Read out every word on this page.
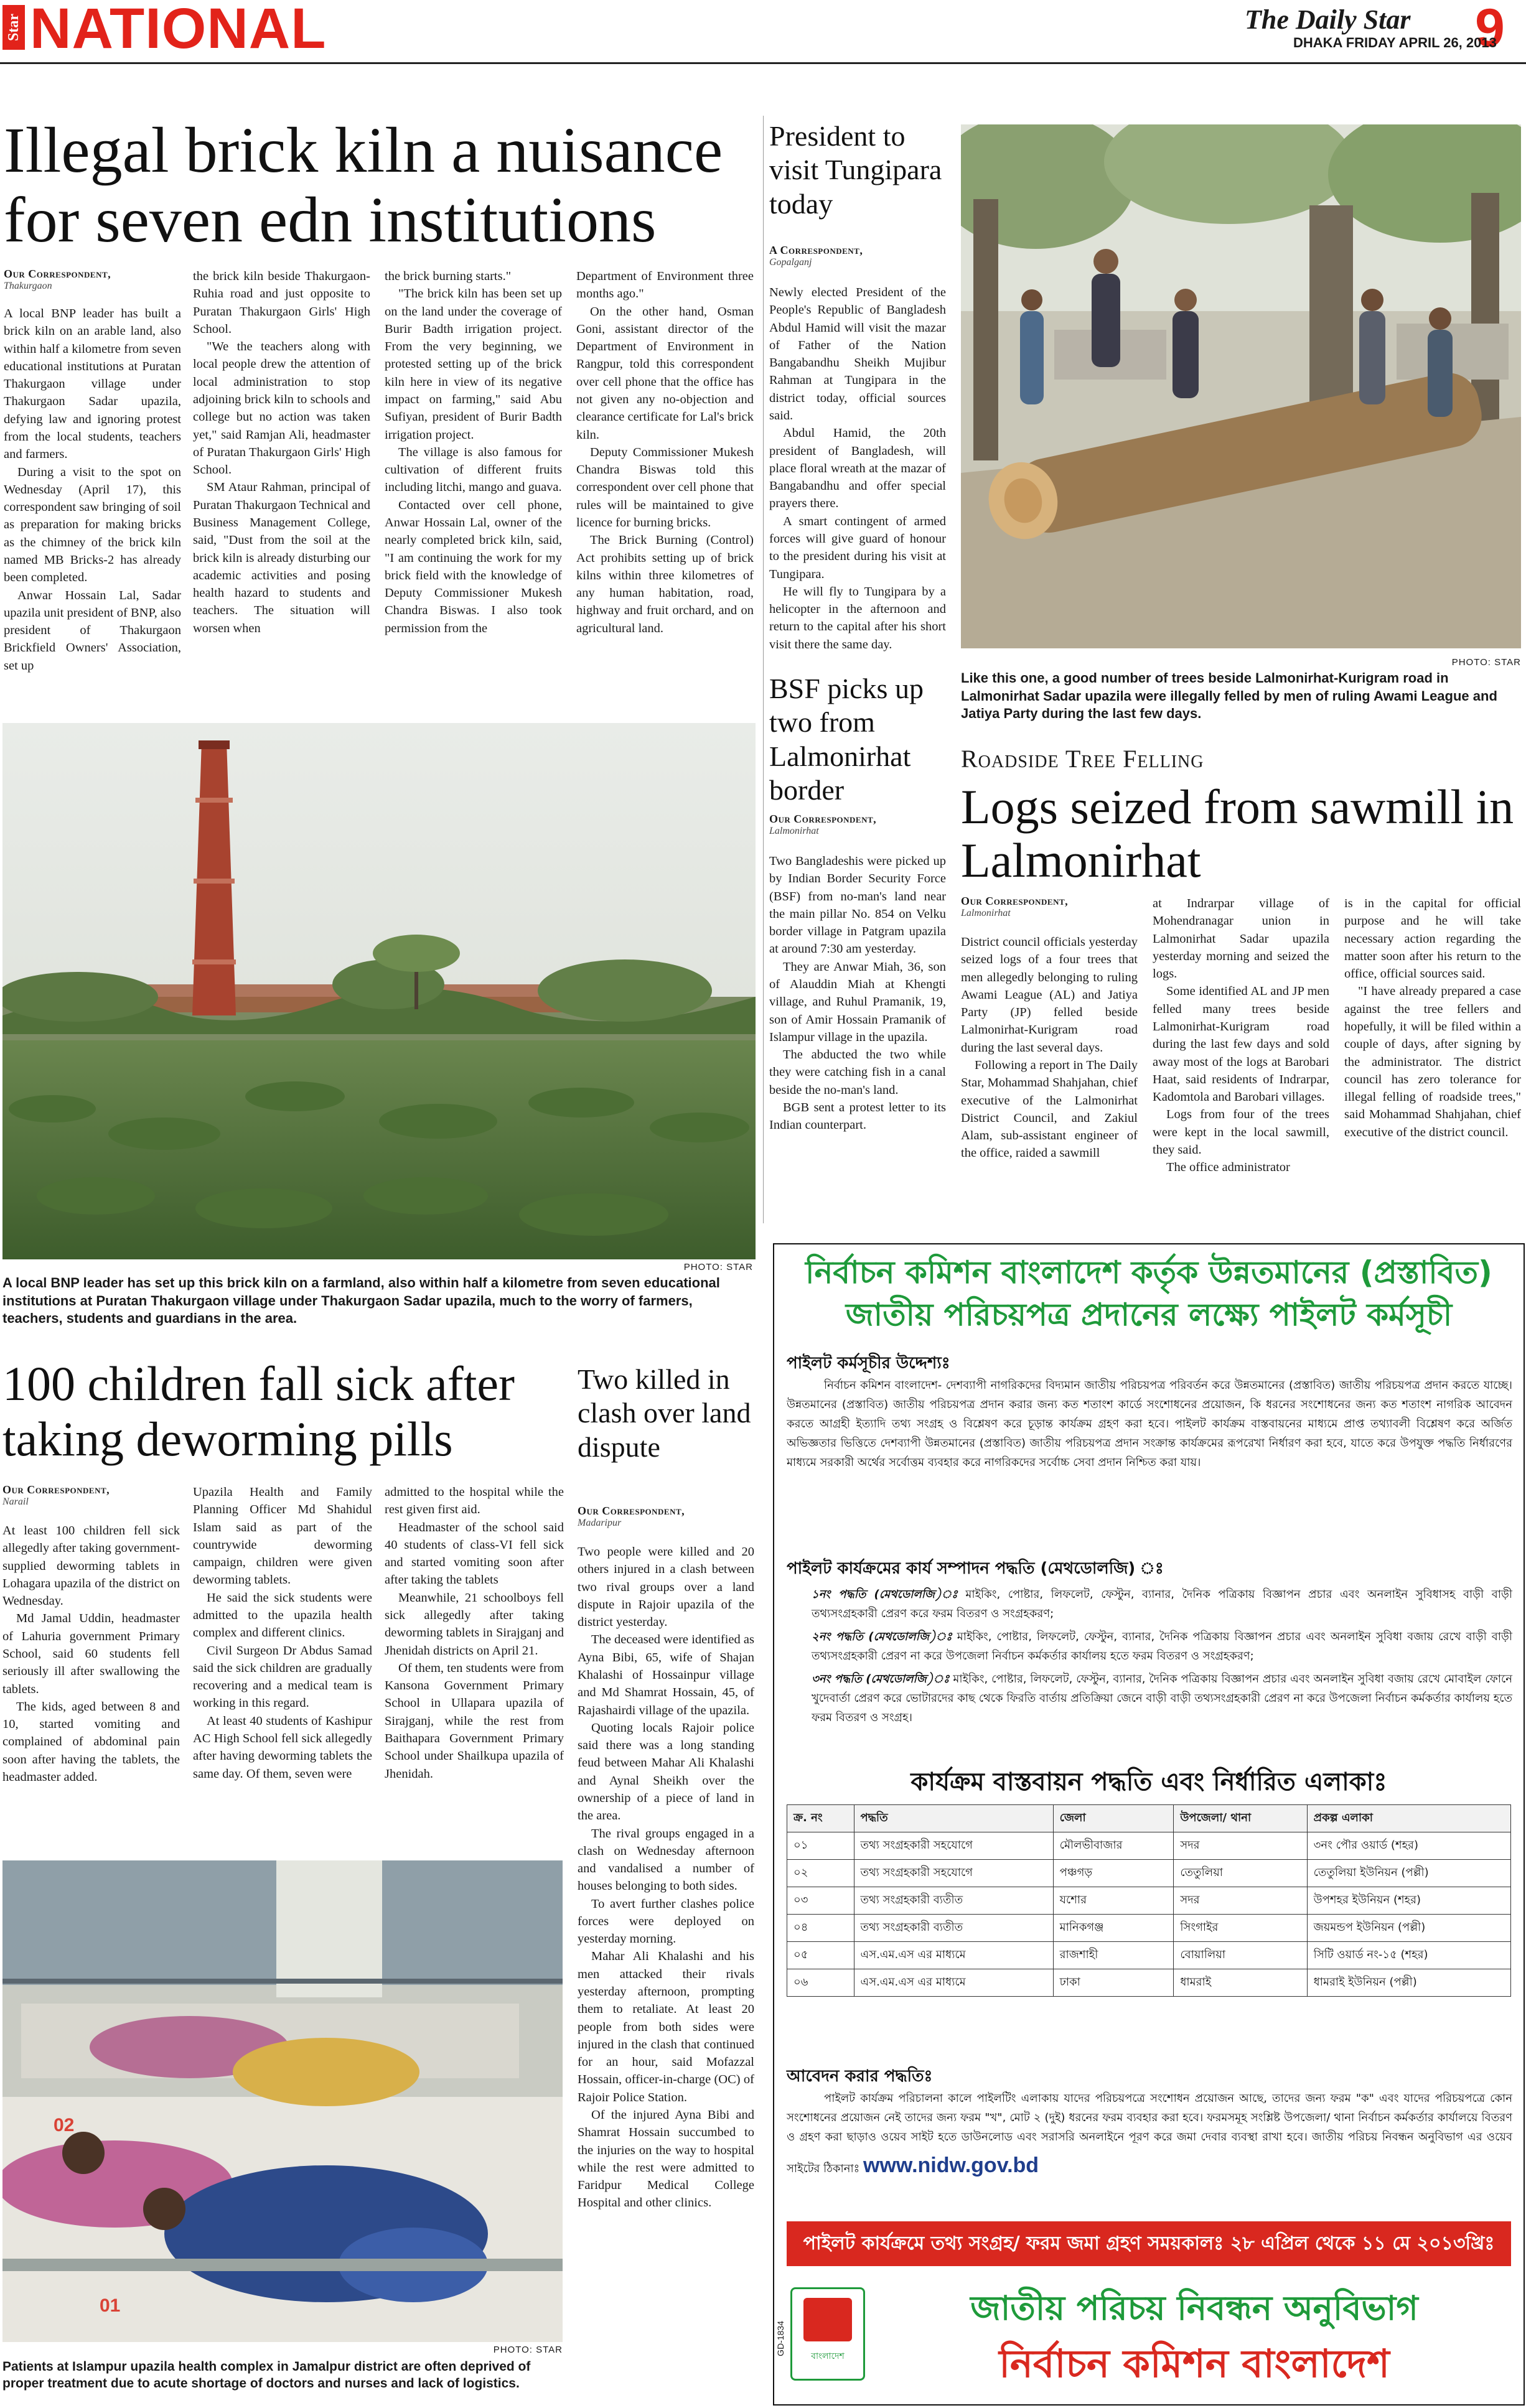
Star NATIONAL	The Daily Star 9
DHAKA FRIDAY APRIL 26, 2013
Illegal brick kiln a nuisance for seven edn institutions
Our Correspondent,
Thakurgaon

A local BNP leader has built a brick kiln on an arable land, also within half a kilometre from seven educational institutions at Puratan Thakurgaon village under Thakurgaon Sadar upazila, defying law and ignoring protest from the local students, teachers and farmers.

During a visit to the spot on Wednesday (April 17), this correspondent saw bringing of soil as preparation for making bricks as the chimney of the brick kiln named MB Bricks-2 has already been completed.

Anwar Hossain Lal, Sadar upazila unit president of BNP, also president of Thakurgaon Brickfield Owners' Association, set up

the brick kiln beside Thakurgaon-Ruhia road and just opposite to Puratan Thakurgaon Girls' High School.

"We the teachers along with local people drew the attention of local administration to stop adjoining brick kiln to schools and college but no action was taken yet," said Ramjan Ali, headmaster of Puratan Thakurgaon Girls' High School.

SM Ataur Rahman, principal of Puratan Thakurgaon Technical and Business Management College, said, "Dust from the soil at the brick kiln is already disturbing our academic activities and posing health hazard to students and teachers. The situation will worsen when

the brick burning starts."

"The brick kiln has been set up on the land under the coverage of Burir Badth irrigation project. From the very beginning, we protested setting up of the brick kiln here in view of its negative impact on farming," said Abu Sufiyan, president of Burir Badth irrigation project.

The village is also famous for cultivation of different fruits including litchi, mango and guava.

Contacted over cell phone, Anwar Hossain Lal, owner of the nearly completed brick kiln, said, "I am continuing the work for my brick field with the knowledge of Deputy Commissioner Mukesh Chandra Biswas. I also took permission from the

Department of Environment three months ago."

On the other hand, Osman Goni, assistant director of the Department of Environment in Rangpur, told this correspondent over cell phone that the office has not given any no-objection and clearance certificate for Lal's brick kiln.

Deputy Commissioner Mukesh Chandra Biswas told this correspondent over cell phone that rules will be maintained to give licence for burning bricks.

The Brick Burning (Control) Act prohibits setting up of brick kilns within three kilometres of any human habitation, road, highway and fruit orchard, and on agricultural land.

PHOTO: STAR
A local BNP leader has set up this brick kiln on a farmland, also within half a kilometre from seven educational institutions at Puratan Thakurgaon village under Thakurgaon Sadar upazila, much to the worry of farmers, teachers, students and guardians in the area.
President to visit Tungipara today
A Correspondent,
Gopalganj

Newly elected President of the People's Republic of Bangladesh Abdul Hamid will visit the mazar of Father of the Nation Bangabandhu Sheikh Mujibur Rahman at Tungipara in the district today, official sources said.

Abdul Hamid, the 20th president of Bangladesh, will place floral wreath at the mazar of Bangabandhu and offer special prayers there.

A smart contingent of armed forces will give guard of honour to the president during his visit at Tungipara.

He will fly to Tungipara by a helicopter in the afternoon and return to the capital after his short visit there the same day.

BSF picks up two from Lalmonirhat border
Our Correspondent,
Lalmonirhat

Two Bangladeshis were picked up by Indian Border Security Force (BSF) from no-man's land near the main pillar No. 854 on Velku border village in Patgram upazila at around 7:30 am yesterday.

They are Anwar Miah, 36, son of Alauddin Miah at Khengti village, and Ruhul Pramanik, 19, son of Amir Hossain Pramanik of Islampur village in the upazila.

The abducted the two while they were catching fish in a canal beside the no-man's land.

BGB sent a protest letter to its Indian counterpart.

PHOTO: STAR
Like this one, a good number of trees beside Lalmonirhat-Kurigram road in Lalmonirhat Sadar upazila were illegally felled by men of ruling Awami League and Jatiya Party during the last few days.
Roadside Tree Felling
Logs seized from sawmill in Lalmonirhat
Our Correspondent,
Lalmonirhat

District council officials yesterday seized logs of a four trees that men allegedly belonging to ruling Awami League (AL) and Jatiya Party (JP) felled beside Lalmonirhat-Kurigram road during the last several days.

Following a report in The Daily Star, Mohammad Shahjahan, chief executive of the Lalmonirhat District Council, and Zakiul Alam, sub-assistant engineer of the office, raided a sawmill

at Indrarpar village of Mohendranagar union in Lalmonirhat Sadar upazila yesterday morning and seized the logs.

Some identified AL and JP men felled many trees beside Lalmonirhat-Kurigram road during the last few days and sold away most of the logs at Barobari Haat, said residents of Indrarpar, Kadomtola and Barobari villages.

Logs from four of the trees were kept in the local sawmill, they said.

The office administrator

is in the capital for official purpose and he will take necessary action regarding the matter soon after his return to the office, official sources said.

"I have already prepared a case against the tree fellers and hopefully, it will be filed within a couple of days, after signing by the administrator. The district council has zero tolerance for illegal felling of roadside trees," said Mohammad Shahjahan, chief executive of the district council.

100 children fall sick after taking deworming pills
Our Correspondent,
Narail

At least 100 children fell sick allegedly after taking government-supplied deworming tablets in Lohagara upazila of the district on Wednesday.

Md Jamal Uddin, headmaster of Lahuria government Primary School, said 60 students fell seriously ill after swallowing the tablets.

The kids, aged between 8 and 10, started vomiting and complained of abdominal pain soon after having the tablets, the headmaster added.

Upazila Health and Family Planning Officer Md Shahidul Islam said as part of the countrywide deworming campaign, children were given deworming tablets.

He said the sick students were admitted to the upazila health complex and different clinics.

Civil Surgeon Dr Abdus Samad said the sick children are gradually recovering and a medical team is working in this regard.

At least 40 students of Kashipur AC High School fell sick allegedly after having deworming tablets the same day. Of them, seven were

admitted to the hospital while the rest given first aid.

Headmaster of the school said 40 students of class-VI fell sick and started vomiting soon after after taking the tablets

Meanwhile, 21 schoolboys fell sick allegedly after taking deworming tablets in Sirajganj and Jhenidah districts on April 21.

Of them, ten students were from Kansona Government Primary School in Ullapara upazila of Sirajganj, while the rest from Baithapara Government Primary School under Shailkupa upazila of Jhenidah.

02
01
PHOTO: STAR
Patients at Islampur upazila health complex in Jamalpur district are often deprived of proper treatment due to acute shortage of doctors and nurses and lack of logistics.
Two killed in clash over land dispute
Our Correspondent,
Madaripur

Two people were killed and 20 others injured in a clash between two rival groups over a land dispute in Rajoir upazila of the district yesterday.

The deceased were identified as Ayna Bibi, 65, wife of Shajan Khalashi of Hossainpur village and Md Shamrat Hossain, 45, of Rajashairdi village of the upazila.

Quoting locals Rajoir police said there was a long standing feud between Mahar Ali Khalashi and Aynal Sheikh over the ownership of a piece of land in the area.

The rival groups engaged in a clash on Wednesday afternoon and vandalised a number of houses belonging to both sides.

To avert further clashes police forces were deployed on yesterday morning.

Mahar Ali Khalashi and his men attacked their rivals yesterday afternoon, prompting them to retaliate. At least 20 people from both sides were injured in the clash that continued for an hour, said Mofazzal Hossain, officer-in-charge (OC) of Rajoir Police Station.

Of the injured Ayna Bibi and Shamrat Hossain succumbed to the injuries on the way to hospital while the rest were admitted to Faridpur Medical College Hospital and other clinics.

নির্বাচন কমিশন বাংলাদেশ কর্তৃক উন্নতমানের (প্রস্তাবিত)
জাতীয় পরিচয়পত্র প্রদানের লক্ষ্যে পাইলট কর্মসূচী
পাইলট কর্মসূচীর উদ্দেশ্যঃ
নির্বাচন কমিশন বাংলাদেশ- দেশব্যাপী নাগরিকদের বিদ্যমান জাতীয় পরিচয়পত্র পরিবর্তন করে উন্নতমানের (প্রস্তাবিত) জাতীয় পরিচয়পত্র প্রদান করতে যাচ্ছে। উন্নতমানের (প্রস্তাবিত) জাতীয় পরিচয়পত্র প্রদান করার জন্য কত শতাংশ কার্ডে সংশোধনের প্রয়োজন, কি ধরনের সংশোধনের জন্য কত শতাংশ নাগরিক আবেদন করতে আগ্রহী ইত্যাদি তথ্য সংগ্রহ ও বিশ্লেষণ করে চূড়ান্ত কার্যক্রম গ্রহণ করা হবে। পাইলট কার্যক্রম বাস্তবায়নের মাধ্যমে প্রাপ্ত তথ্যাবলী বিশ্লেষণ করে অর্জিত অভিজ্ঞতার ভিত্তিতে দেশব্যাপী উন্নতমানের (প্রস্তাবিত) জাতীয় পরিচয়পত্র প্রদান সংক্রান্ত কার্যক্রমের রূপরেখা নির্ধারণ করা হবে, যাতে করে উপযুক্ত পদ্ধতি নির্ধারণের মাধ্যমে সরকারী অর্থের সর্বোত্তম ব্যবহার করে নাগরিকদের সর্বোচ্চ সেবা প্রদান নিশ্চিত করা যায়।
পাইলট কার্যক্রমের কার্য সম্পাদন পদ্ধতি (মেথডোলজি) ঃ
১নং পদ্ধতি (মেথডোলজি)ঃ মাইকিং, পোষ্টার, লিফলেট, ফেস্টুন, ব্যানার, দৈনিক পত্রিকায় বিজ্ঞাপন প্রচার এবং অনলাইন সুবিধাসহ বাড়ী বাড়ী তথ্যসংগ্রহকারী প্রেরণ করে ফরম বিতরণ ও সংগ্রহকরণ;
২নং পদ্ধতি (মেথডোলজি)ঃ মাইকিং, পোষ্টার, লিফলেট, ফেস্টুন, ব্যানার, দৈনিক পত্রিকায় বিজ্ঞাপন প্রচার এবং অনলাইন সুবিধা বজায় রেখে বাড়ী বাড়ী তথ্যসংগ্রহকারী প্রেরণ না করে উপজেলা নির্বাচন কর্মকর্তার কার্যালয় হতে ফরম বিতরণ ও সংগ্রহকরণ;
৩নং পদ্ধতি (মেথডোলজি)ঃ মাইকিং, পোষ্টার, লিফলেট, ফেস্টুন, ব্যানার, দৈনিক পত্রিকায় বিজ্ঞাপন প্রচার এবং অনলাইন সুবিধা বজায় রেখে মোবাইল ফোনে খুদেবার্তা প্রেরণ করে ভোটারদের কাছ থেকে ফিরতি বার্তায় প্রতিক্রিয়া জেনে বাড়ী বাড়ী তথ্যসংগ্রহকারী প্রেরণ না করে উপজেলা নির্বাচন কর্মকর্তার কার্যালয় হতে ফরম বিতরণ ও সংগ্রহ।
কার্যক্রম বাস্তবায়ন পদ্ধতি এবং নির্ধারিত এলাকাঃ
ক্র. নং	পদ্ধতি	জেলা	উপজেলা/ থানা	প্রকল্প এলাকা
০১	তথ্য সংগ্রহকারী সহযোগে	মৌলভীবাজার	সদর	৩নং পৌর ওয়ার্ড (শহর)
০২	তথ্য সংগ্রহকারী সহযোগে	পঞ্চগড়	তেতুলিয়া	তেতুলিয়া ইউনিয়ন (পল্লী)
০৩	তথ্য সংগ্রহকারী ব্যতীত	যশোর	সদর	উপশহর ইউনিয়ন (শহর)
০৪	তথ্য সংগ্রহকারী ব্যতীত	মানিকগঞ্জ	সিংগাইর	জয়মন্ডপ ইউনিয়ন (পল্লী)
০৫	এস.এম.এস এর মাধ্যমে	রাজশাহী	বোয়ালিয়া	সিটি ওয়ার্ড নং-১৫ (শহর)
০৬	এস.এম.এস এর মাধ্যমে	ঢাকা	ধামরাই	ধামরাই ইউনিয়ন (পল্লী)
আবেদন করার পদ্ধতিঃ
পাইলট কার্যক্রম পরিচালনা কালে পাইলটিং এলাকায় যাদের পরিচয়পত্রে সংশোধন প্রয়োজন আছে, তাদের জন্য ফরম "ক" এবং যাদের পরিচয়পত্রে কোন সংশোধনের প্রয়োজন নেই তাদের জন্য ফরম "খ", মোট ২ (দুই) ধরনের ফরম ব্যবহার করা হবে। ফরমসমূহ সংশ্লিষ্ট উপজেলা/ থানা নির্বাচন কর্মকর্তার কার্যালয়ে বিতরণ ও গ্রহণ করা ছাড়াও ওয়েব সাইট হতে ডাউনলোড এবং সরাসরি অনলাইনে পূরণ করে জমা দেবার ব্যবস্থা রাখা হবে। জাতীয় পরিচয় নিবন্ধন অনুবিভাগ এর ওয়েব সাইটের ঠিকানাঃ www.nidw.gov.bd
পাইলট কার্যক্রমে তথ্য সংগ্রহ/ ফরম জমা গ্রহণ সময়কালঃ ২৮ এপ্রিল থেকে ১১ মে ২০১৩খ্রিঃ
বাংলাদেশ
জাতীয় পরিচয় নিবন্ধন অনুবিভাগ
নির্বাচন কমিশন বাংলাদেশ
GD-1834
